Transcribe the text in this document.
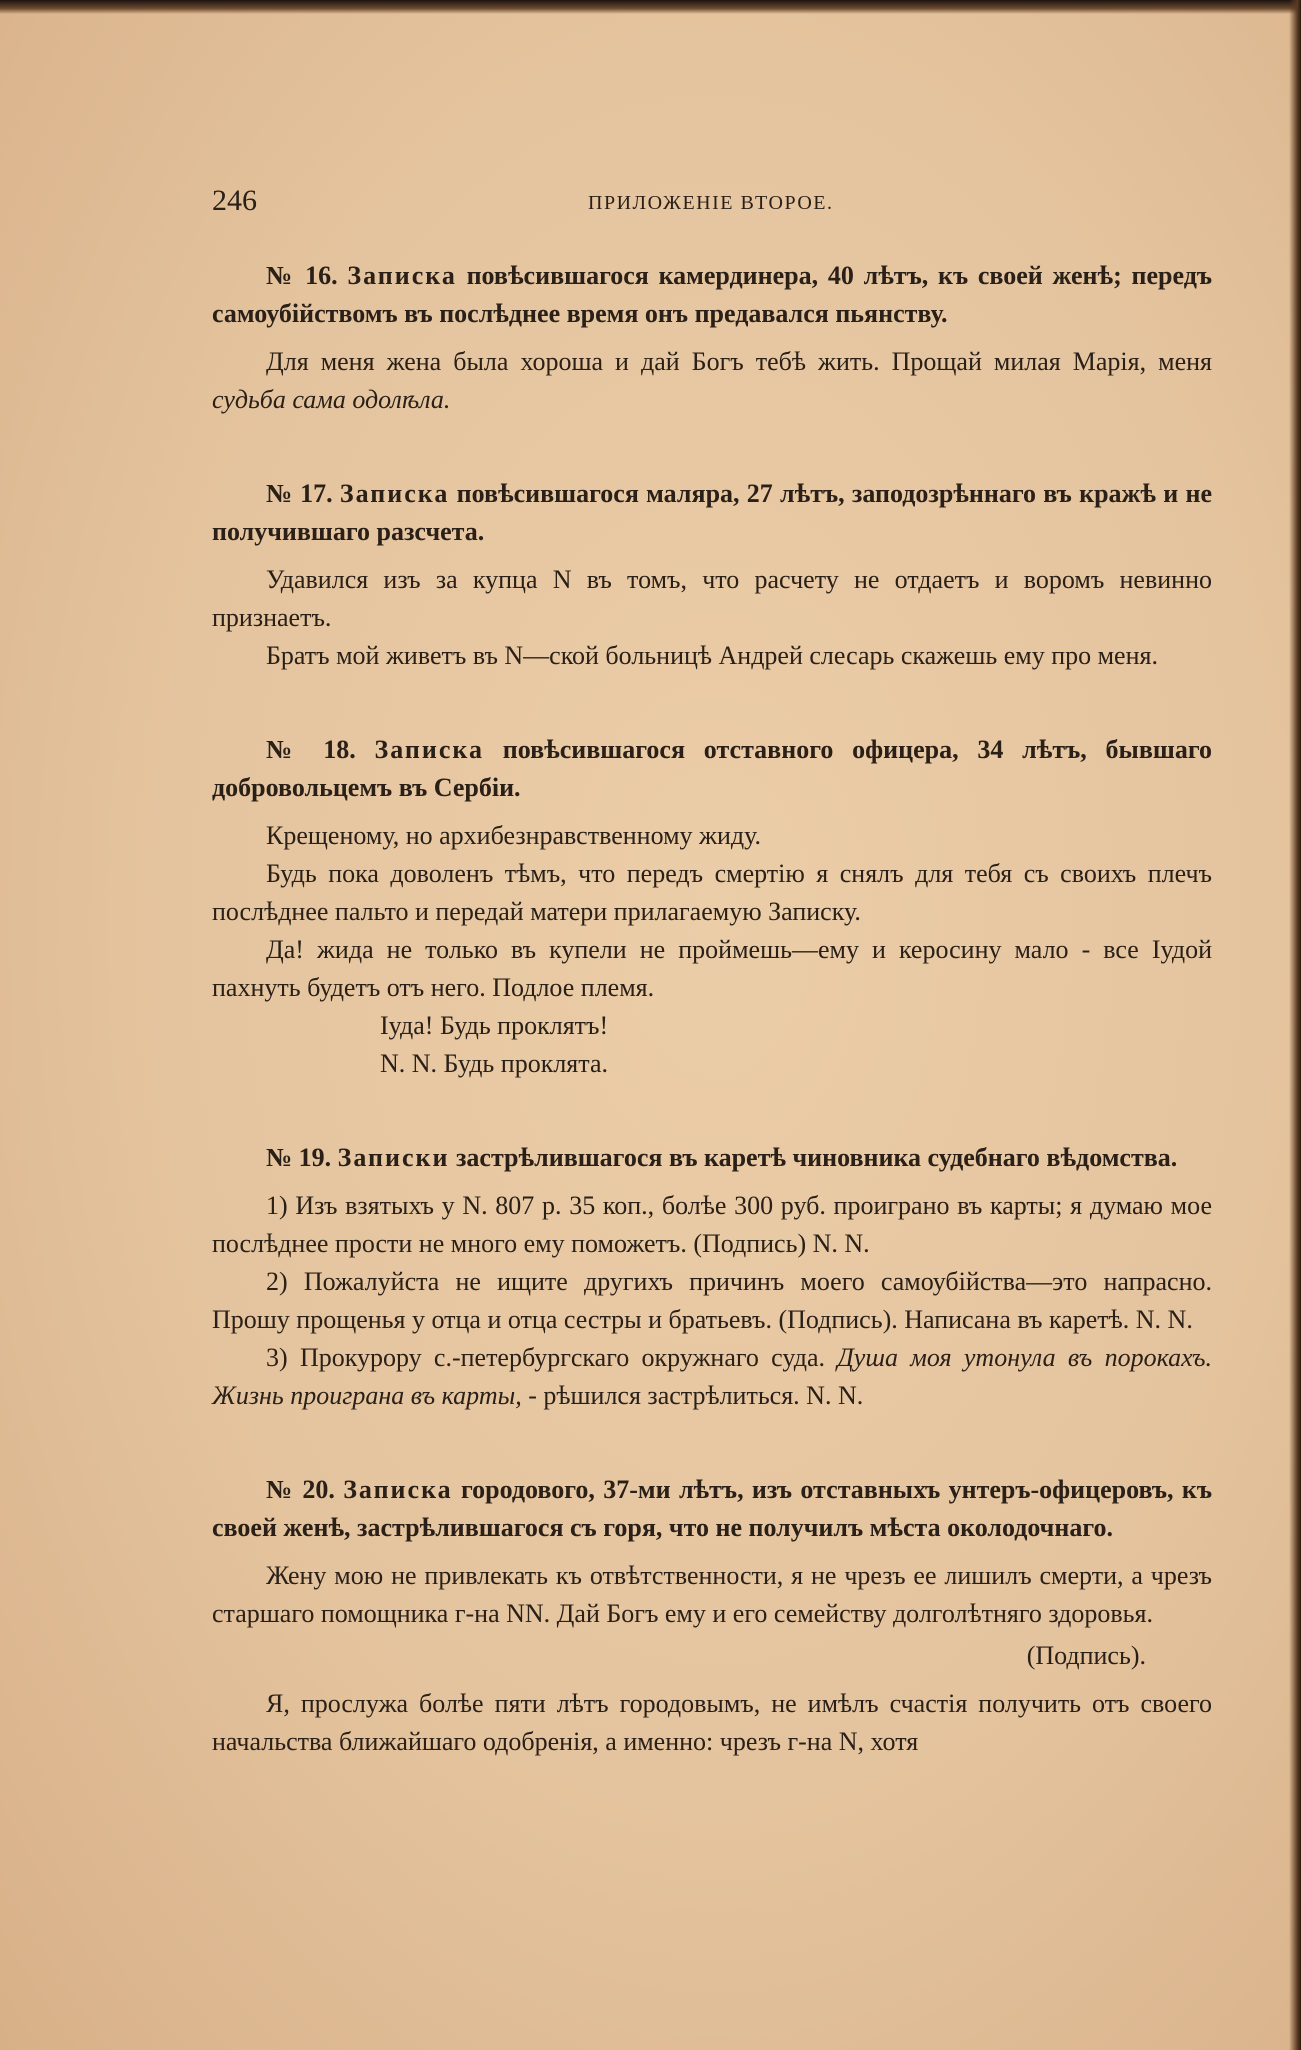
246	ПРИЛОЖЕНІЕ ВТОРОЕ.

№ 16. Записка повѣсившагося камердинера, 40 лѣтъ, къ своей женѣ; передъ самоубійствомъ въ послѣднее время онъ предавался пьянству.

Для меня жена была хороша и дай Богъ тебѣ жить. Прощай милая Марія, меня судьба сама одолѣла.

№ 17. Записка повѣсившагося маляра, 27 лѣтъ, заподозрѣннаго въ кражѣ и не получившаго разсчета.

Удавился изъ за купца N въ томъ, что расчету не отдаетъ и воромъ невинно признаетъ.

Братъ мой живетъ въ N—ской больницѣ Андрей слесарь скажешь ему про меня.

№ 18. Записка повѣсившагося отставного офицера, 34 лѣтъ, бывшаго добровольцемъ въ Сербіи.

Крещеному, но архибезнравственному жиду.

Будь пока доволенъ тѣмъ, что передъ смертію я снялъ для тебя съ своихъ плечъ послѣднее пальто и передай матери прилагаемую Записку.

Да! жида не только въ купели не проймешь—ему и керосину мало - все Іудой пахнуть будетъ отъ него. Подлое племя.

Іуда! Будь проклятъ!

N. N. Будь проклята.

№ 19. Записки застрѣлившагося въ каретѣ чиновника судебнаго вѣдомства.

1) Изъ взятыхъ у N. 807 р. 35 коп., болѣе 300 руб. проиграно въ карты; я думаю мое послѣднее прости не много ему поможетъ. (Подпись) N. N.

2) Пожалуйста не ищите другихъ причинъ моего самоубійства—это напрасно. Прошу прощенья у отца и отца сестры и братьевъ. (Подпись). Написана въ каретѣ. N. N.

3) Прокурору с.-петербургскаго окружнаго суда. Душа моя утонула въ порокахъ. Жизнь проиграна въ карты, - рѣшился застрѣлиться. N. N.

№ 20. Записка городового, 37-ми лѣтъ, изъ отставныхъ унтеръ-офицеровъ, къ своей женѣ, застрѣлившагося съ горя, что не получилъ мѣста околодочнаго.

Жену мою не привлекать къ отвѣтственности, я не чрезъ ее лишилъ смерти, а чрезъ старшаго помощника г-на NN. Дай Богъ ему и его семейству долголѣтняго здоровья.

(Подпись).

Я, прослужа болѣе пяти лѣтъ городовымъ, не имѣлъ счастія получить отъ своего начальства ближайшаго одобренія, а именно: чрезъ г-на N, хотя
